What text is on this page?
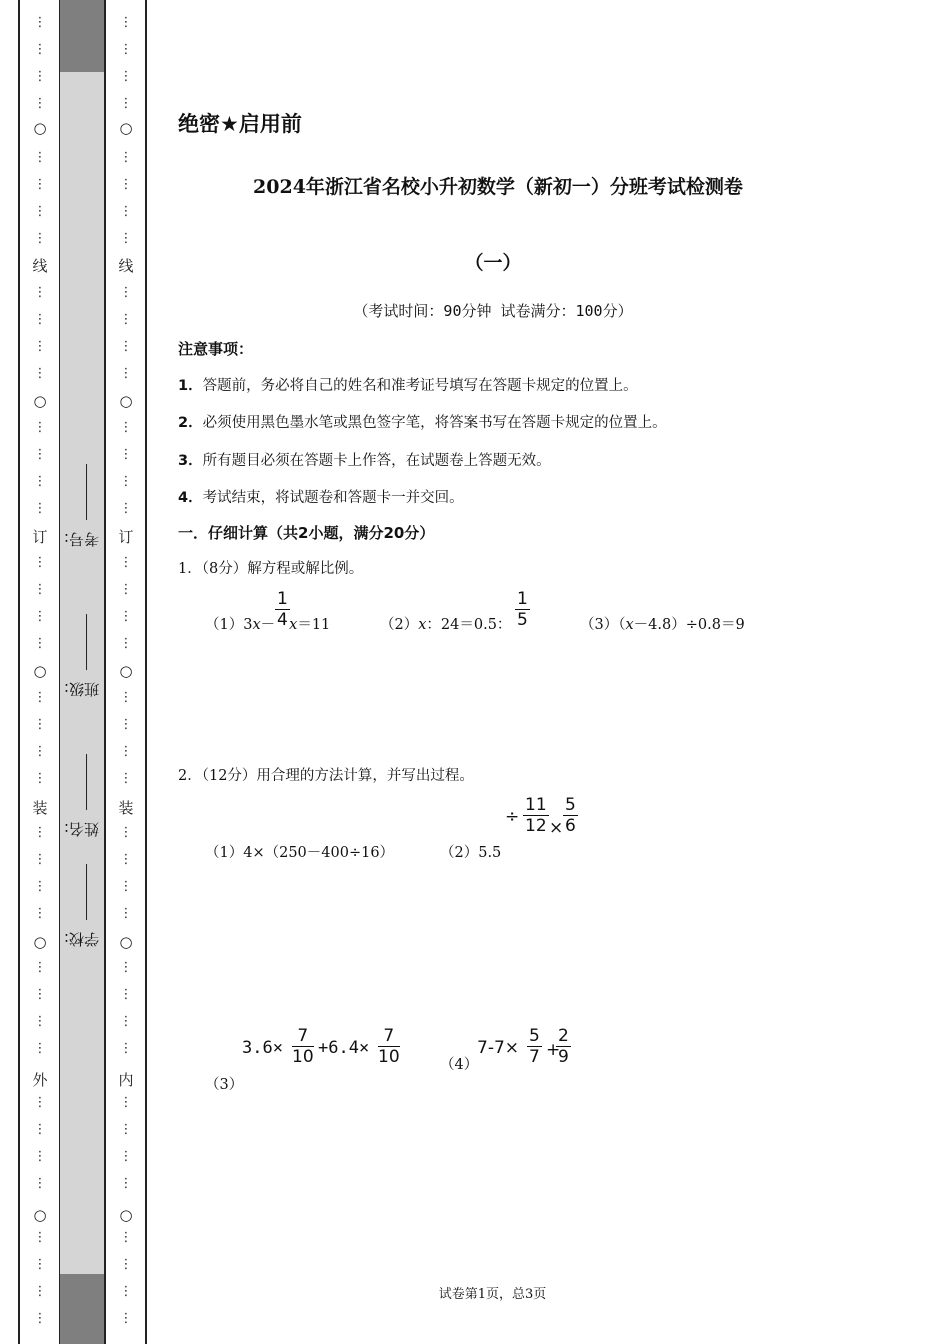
⋮
⋮
⋮
⋮
○
⋮
⋮
⋮
⋮
线
⋮
⋮
⋮
⋮
○
⋮
⋮
⋮
⋮
订
⋮
⋮
⋮
⋮
○
⋮
⋮
⋮
⋮
装
⋮
⋮
⋮
⋮
○
⋮
⋮
⋮
⋮
外
⋮
⋮
⋮
⋮
○
⋮
⋮
⋮
⋮
⋮
⋮
⋮
⋮
○
⋮
⋮
⋮
⋮
线
⋮
⋮
⋮
⋮
○
⋮
⋮
⋮
⋮
订
⋮
⋮
⋮
⋮
○
⋮
⋮
⋮
⋮
装
⋮
⋮
⋮
⋮
○
⋮
⋮
⋮
⋮
内
⋮
⋮
⋮
⋮
○
⋮
⋮
⋮
⋮
考号:
班级:
姓名:
学校:
绝密★启用前
2024年浙江省名校小升初数学（新初一）分班考试检测卷
（一）
（考试时间：90分钟 试卷满分：100分）
注意事项：
1．答题前，务必将自己的姓名和准考证号填写在答题卡规定的位置上。
2．必须使用黑色墨水笔或黑色签字笔，将答案书写在答题卡规定的位置上。
3．所有题目必须在答题卡上作答，在试题卷上答题无效。
4．考试结束，将试题卷和答题卡一并交回。
一．仔细计算（共2小题，满分20分）
1．（8分）解方程或解比例。
（1）3x－ x＝11
1
4	（2）x：24＝0.5：
1
5	（3）（x－4.8）÷0.8＝9
2．（12分）用合理的方法计算，并写出过程。
÷
11
12 ×
5
6
（1）4×（250－400÷16）	（2）5.5
3.6×
7
10 +6.4×
7
10
（3）
（4）
7-7×
5
7 +
2
9
试卷第1页，总3页
